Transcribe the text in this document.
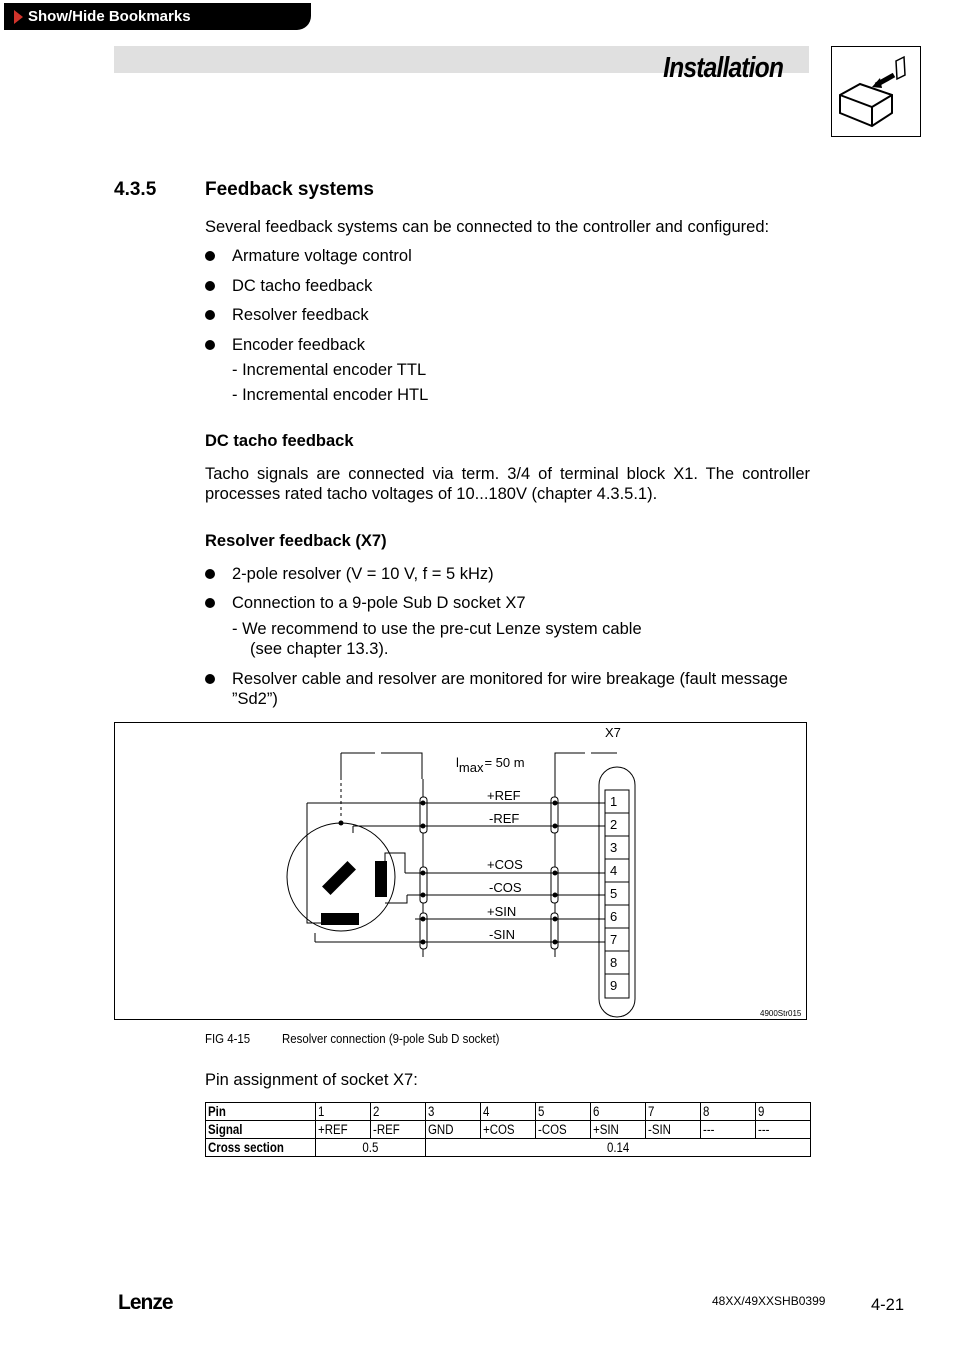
Show/Hide Bookmarks
Installation
4.3.5	Feedback systems
Several feedback systems can be connected to the controller and configured:
Armature voltage control
DC tacho feedback
Resolver feedback
Encoder feedback
- Incremental encoder TTL
- Incremental encoder HTL
DC tacho feedback
Tacho signals are connected via term. 3/4 of terminal block X1. The controller
processes rated tacho voltages of 10...180V (chapter 4.3.5.1).
Resolver feedback (X7)
2-pole resolver (V = 10 V, f = 5 kHz)
Connection to a 9-pole Sub D socket X7
- We recommend to use the pre-cut Lenze system cable
(see chapter 13.3).
Resolver cable and resolver are monitored for wire breakage (fault message
”Sd2”)
X7
lmax= 50 m
+REF
-REF
+COS
-COS
+SIN
-SIN
1
2
3
4
5
6
7
8
9
4900Str015
FIG 4-15 Resolver connection (9-pole Sub D socket)
Pin assignment of socket X7:
Pin	1	2	3	4	5	6	7	8	9
Signal	+REF	-REF	GND	+COS	-COS	+SIN	-SIN	---	---
Cross section	0.5		0.14						
Lenze	48XX/49XXSHB0399	4-21
